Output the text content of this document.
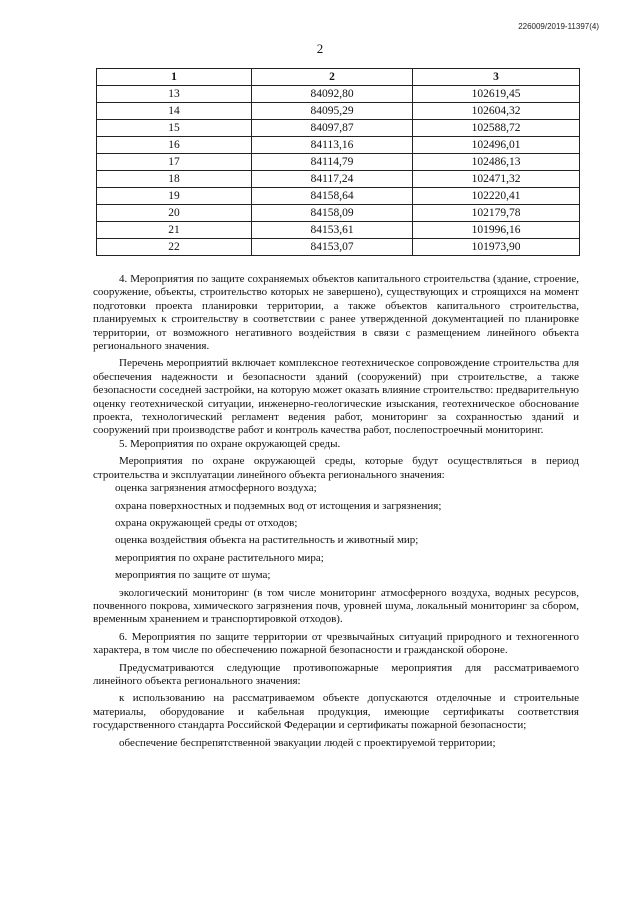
226009/2019-11397(4)
2
1	2	3
13	84092,80	102619,45
14	84095,29	102604,32
15	84097,87	102588,72
16	84113,16	102496,01
17	84114,79	102486,13
18	84117,24	102471,32
19	84158,64	102220,41
20	84158,09	102179,78
21	84153,61	101996,16
22	84153,07	101973,90

4. Мероприятия по защите сохраняемых объектов капитального строительства (здание, строение, сооружение, объекты, строительство которых не завершено), существующих и строящихся на момент подготовки проекта планировки территории, а также объектов капитального строительства, планируемых к строительству в соответствии с ранее утвержденной документацией по планировке территории, от возможного негативного воздействия в связи с размещением линейного объекта регионального значения.

Перечень мероприятий включает комплексное геотехническое сопровождение строительства для обеспечения надежности и безопасности зданий (сооружений) при строительстве, а также безопасности соседней застройки, на которую может оказать влияние строительство: предварительную оценку геотехнической ситуации, инженерно-геологические изыскания, геотехническое обоснование проекта, технологический регламент ведения работ, мониторинг за сохранностью зданий и сооружений при производстве работ и контроль качества работ, послепостроечный мониторинг.

5. Мероприятия по охране окружающей среды.

Мероприятия по охране окружающей среды, которые будут осуществляться в период строительства и эксплуатации линейного объекта регионального значения:

оценка загрязнения атмосферного воздуха;

охрана поверхностных и подземных вод от истощения и загрязнения;

охрана окружающей среды от отходов;

оценка воздействия объекта на растительность и животный мир;

мероприятия по охране растительного мира;

мероприятия по защите от шума;

экологический мониторинг (в том числе мониторинг атмосферного воздуха, водных ресурсов, почвенного покрова, химического загрязнения почв, уровней шума, локальный мониторинг за сбором, временным хранением и транспортировкой отходов).

6. Мероприятия по защите территории от чрезвычайных ситуаций природного и техногенного характера, в том числе по обеспечению пожарной безопасности и гражданской обороне.

Предусматриваются следующие противопожарные мероприятия для рассматриваемого линейного объекта регионального значения:

к использованию на рассматриваемом объекте допускаются отделочные и строительные материалы, оборудование и кабельная продукция, имеющие сертификаты соответствия государственного стандарта Российской Федерации и сертификаты пожарной безопасности;

обеспечение беспрепятственной эвакуации людей с проектируемой территории;
